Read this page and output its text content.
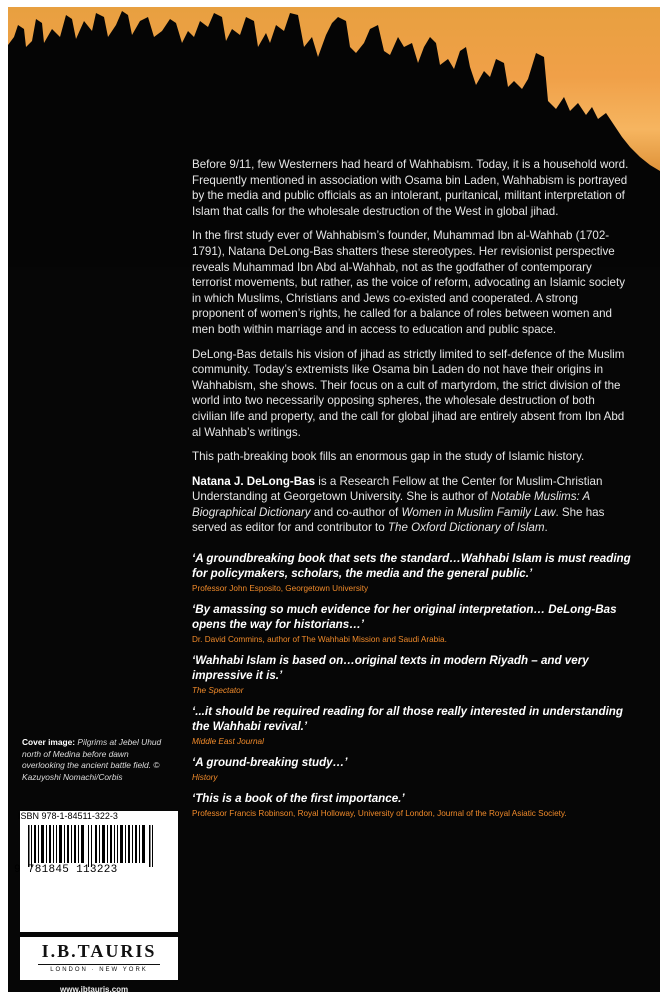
Before 9/11, few Westerners had heard of Wahhabism. Today, it is a household word. Frequently mentioned in association with Osama bin Laden, Wahhabism is portrayed by the media and public officials as an intolerant, puritanical, militant interpretation of Islam that calls for the wholesale destruction of the West in global jihad.

In the first study ever of Wahhabism’s founder, Muhammad Ibn al-Wahhab (1702-1791), Natana DeLong-Bas shatters these stereotypes. Her revisionist perspective reveals Muhammad Ibn Abd al-Wahhab, not as the godfather of contemporary terrorist movements, but rather, as the voice of reform, advocating an Islamic society in which Muslims, Christians and Jews co-existed and cooperated. A strong proponent of women’s rights, he called for a balance of roles between women and men both within marriage and in access to education and public space.

DeLong-Bas details his vision of jihad as strictly limited to self-defence of the Muslim community. Today’s extremists like Osama bin Laden do not have their origins in Wahhabism, she shows. Their focus on a cult of martyrdom, the strict division of the world into two necessarily opposing spheres, the wholesale destruction of both civilian life and property, and the call for global jihad are entirely absent from Ibn Abd al Wahhab’s writings.

This path-breaking book fills an enormous gap in the study of Islamic history.

Natana J. DeLong-Bas is a Research Fellow at the Center for Muslim-Christian Understanding at Georgetown University. She is author of Notable Muslims: A Biographical Dictionary and co-author of Women in Muslim Family Law. She has served as editor for and contributor to The Oxford Dictionary of Islam.

‘A groundbreaking book that sets the standard…Wahhabi Islam is must reading for policymakers, scholars, the media and the general public.’
Professor John Esposito, Georgetown University
‘By amassing so much evidence for her original interpretation… DeLong-Bas opens the way for historians…’
Dr. David Commins, author of The Wahhabi Mission and Saudi Arabia.
‘Wahhabi Islam is based on…original texts in modern Riyadh – and very impressive it is.’
The Spectator
‘...it should be required reading for all those really interested in understanding the Wahhabi revival.’
Middle East Journal
‘A ground-breaking study…’
History
‘This is a book of the first importance.’
Professor Francis Robinson, Royal Holloway, University of London, Journal of the Royal Asiatic Society.
Cover image: Pilgrims at Jebel Uhud north of Medina before dawn overlooking the ancient battle field. © Kazuyoshi Nomachi/Corbis
ISBN 978-1-84511-322-3
9 781845 113223
I.B.TAURIS
LONDON · NEW YORK
www.ibtauris.com
